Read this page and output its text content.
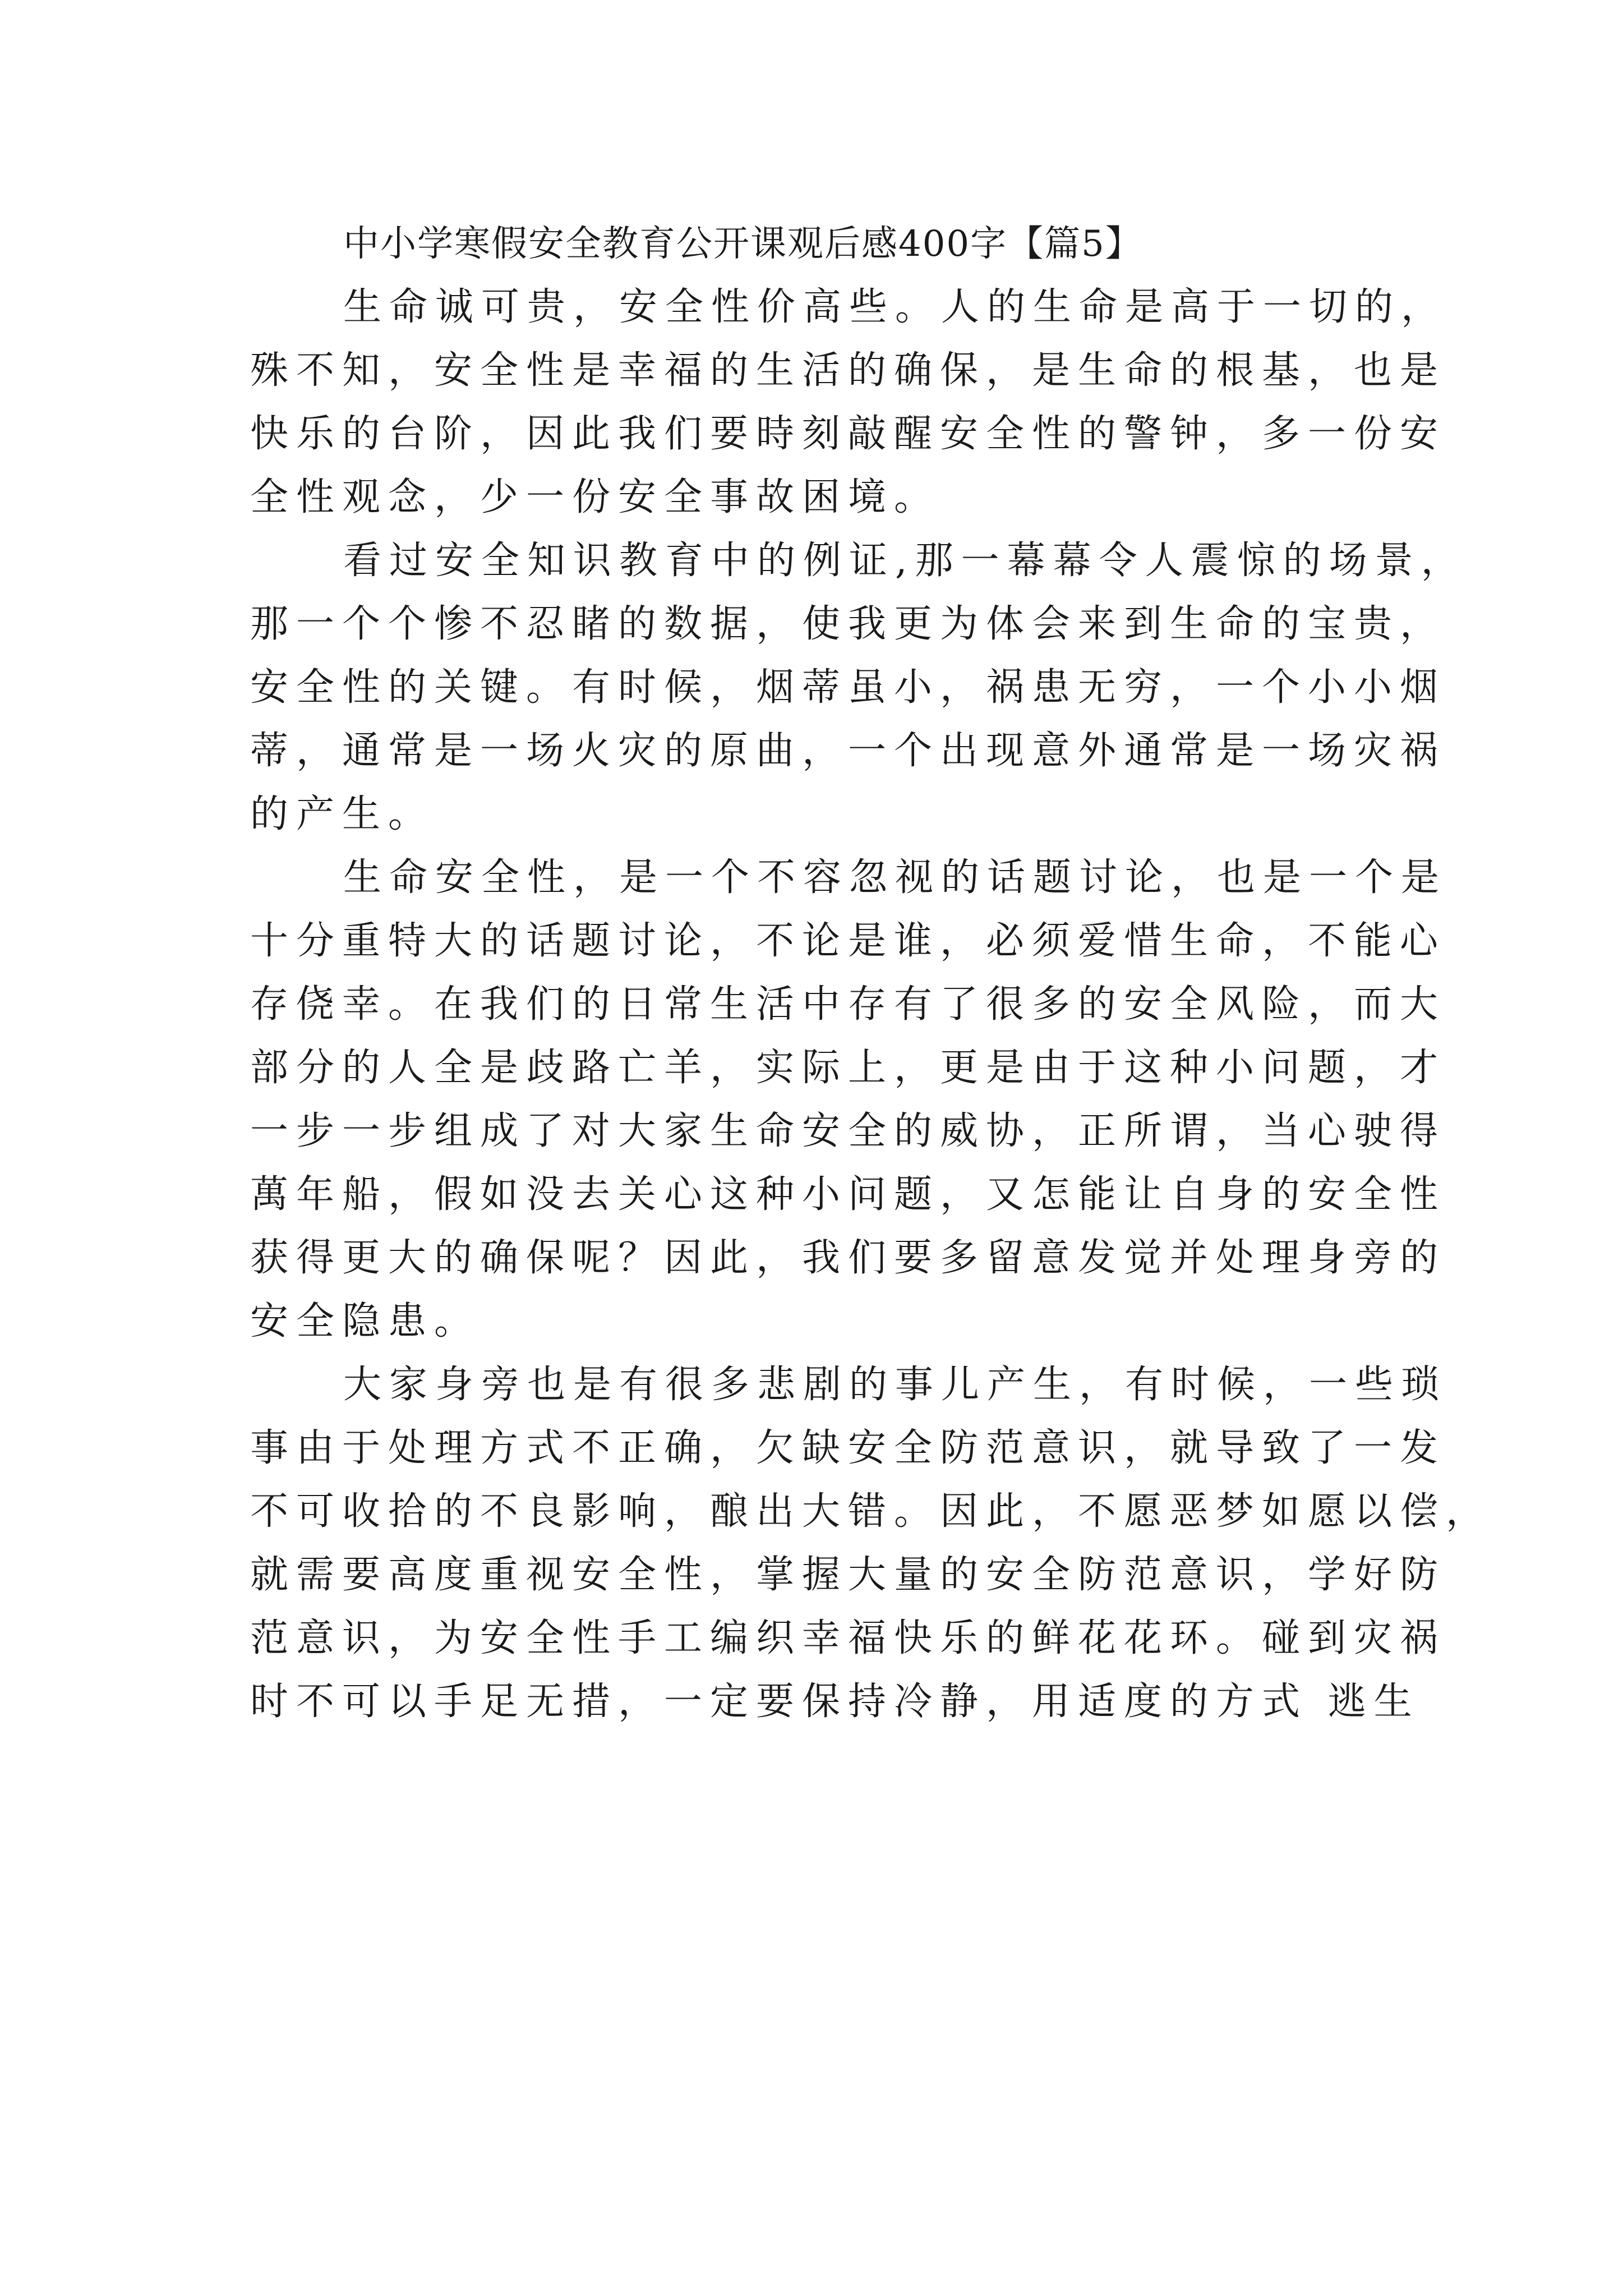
中小学寒假安全教育公开课观后感400字【篇5】
生命诚可贵，安全性价高些。人的生命是高于一切的，
殊不知，安全性是幸福的生活的确保，是生命的根基，也是
快乐的台阶，因此我们要時刻敲醒安全性的警钟，多一份安
全性观念，少一份安全事故困境。
看过安全知识教育中的例证,那一幕幕令人震惊的场景，
那一个个惨不忍睹的数据，使我更为体会来到生命的宝贵，
安全性的关键。有时候，烟蒂虽小，祸患无穷，一个小小烟
蒂，通常是一场火灾的原曲，一个出现意外通常是一场灾祸
的产生。
生命安全性，是一个不容忽视的话题讨论，也是一个是
十分重特大的话题讨论，不论是谁，必须爱惜生命，不能心
存侥幸。在我们的日常生活中存有了很多的安全风险，而大
部分的人全是歧路亡羊，实际上，更是由于这种小问题，才
一步一步组成了对大家生命安全的威协，正所谓，当心驶得
萬年船，假如没去关心这种小问题，又怎能让自身的安全性
获得更大的确保呢？因此，我们要多留意发觉并处理身旁的
安全隐患。
大家身旁也是有很多悲剧的事儿产生，有时候，一些琐
事由于处理方式不正确，欠缺安全防范意识，就导致了一发
不可收拾的不良影响，酿出大错。因此，不愿恶梦如愿以偿，
就需要高度重视安全性，掌握大量的安全防范意识，学好防
范意识，为安全性手工编织幸福快乐的鲜花花环。碰到灾祸
时不可以手足无措，一定要保持冷静，用适度的方式 逃生
